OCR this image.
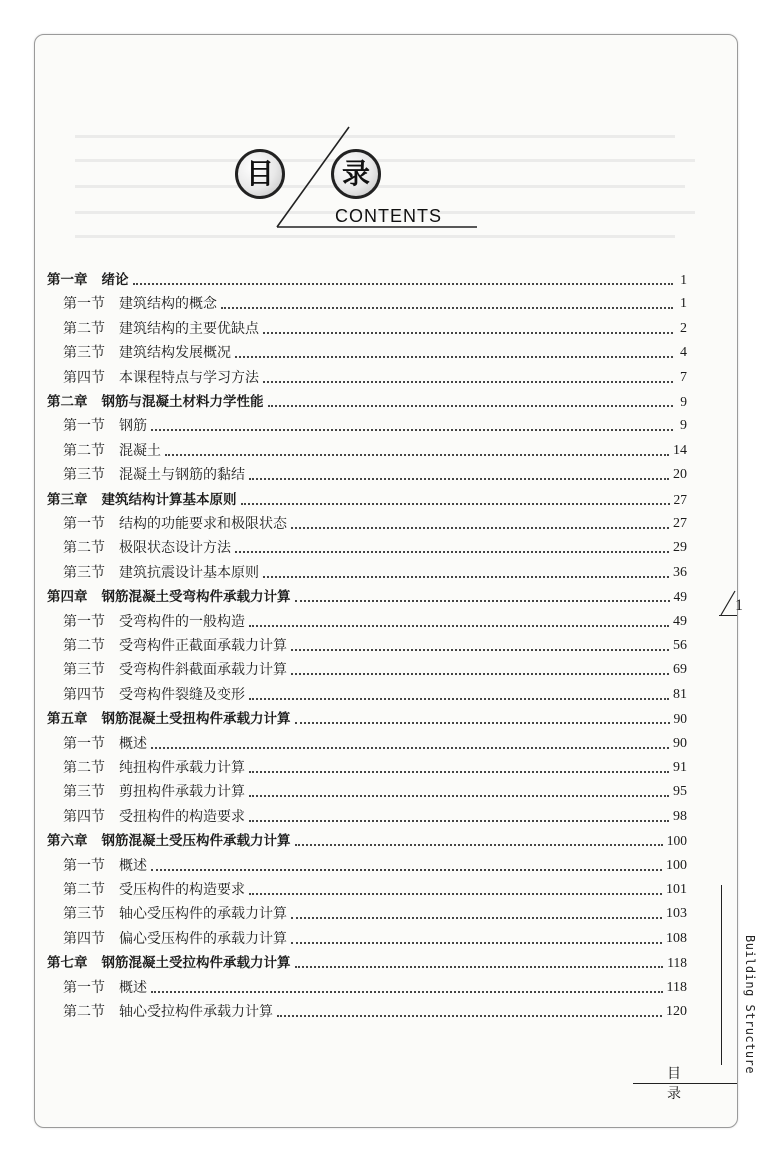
目	录
CONTENTS
第一章 绪论	1
第一节 建筑结构的概念	1
第二节 建筑结构的主要优缺点	2
第三节 建筑结构发展概况	4
第四节 本课程特点与学习方法	7
第二章 钢筋与混凝土材料力学性能	9
第一节 钢筋	9
第二节 混凝土	14
第三节 混凝土与钢筋的黏结	20
第三章 建筑结构计算基本原则	27
第一节 结构的功能要求和极限状态	27
第二节 极限状态设计方法	29
第三节 建筑抗震设计基本原则	36
第四章 钢筋混凝土受弯构件承载力计算	49
第一节 受弯构件的一般构造	49
第二节 受弯构件正截面承载力计算	56
第三节 受弯构件斜截面承载力计算	69
第四节 受弯构件裂缝及变形	81
第五章 钢筋混凝土受扭构件承载力计算	90
第一节 概述	90
第二节 纯扭构件承载力计算	91
第三节 剪扭构件承载力计算	95
第四节 受扭构件的构造要求	98
第六章 钢筋混凝土受压构件承载力计算	100
第一节 概述	100
第二节 受压构件的构造要求	101
第三节 轴心受压构件的承载力计算	103
第四节 偏心受压构件的承载力计算	108
第七章 钢筋混凝土受拉构件承载力计算	118
第一节 概述	118
第二节 轴心受拉构件承载力计算	120
1
Building Structure
目录
